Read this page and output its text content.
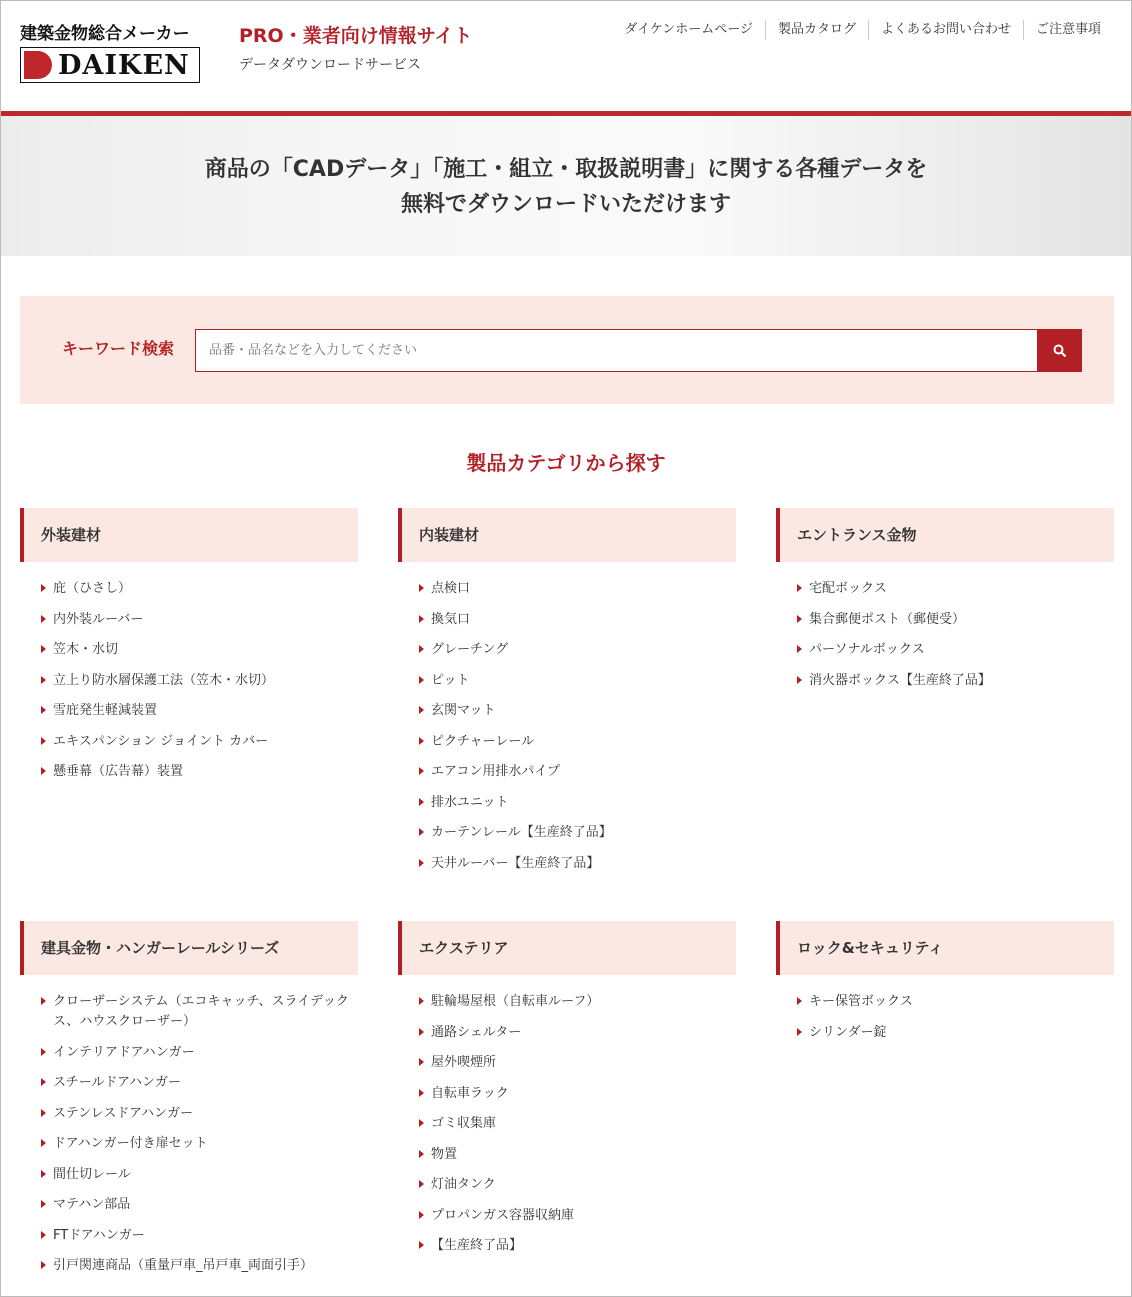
建築金物総合メーカー
DAIKEN
PRO・業者向け情報サイト
データダウンロードサービス
ダイケンホームページ	製品カタログ	よくあるお問い合わせ	ご注意事項

商品の「CADデータ」「施工・組立・取扱説明書」に関する各種データを

無料でダウンロードいただけます

キーワード検索
品番・品名などを入力してください
製品カテゴリから探す
外装建材
庇（ひさし）
内外装ルーバー
笠木・水切
立上り防水層保護工法（笠木・水切）
雪庇発生軽減装置
エキスパンション ジョイント カバー
懸垂幕（広告幕）装置
内装建材
点検口
換気口
グレーチング
ピット
玄関マット
ピクチャーレール
エアコン用排水パイプ
排水ユニット
カーテンレール【生産終了品】
天井ルーバー【生産終了品】
エントランス金物
宅配ボックス
集合郵便ポスト（郵便受）
パーソナルボックス
消火器ボックス【生産終了品】
建具金物・ハンガーレールシリーズ
クローザーシステム（エコキャッチ、スライデックス、ハウスクローザー）
インテリアドアハンガー
スチールドアハンガー
ステンレスドアハンガー
ドアハンガー付き扉セット
間仕切レール
マテハン部品
FTドアハンガー
引戸関連商品（重量戸車_吊戸車_両面引手）
エクステリア
駐輪場屋根（自転車ルーフ）
通路シェルター
屋外喫煙所
自転車ラック
ゴミ収集庫
物置
灯油タンク
プロパンガス容器収納庫
【生産終了品】
ロック&セキュリティ
キー保管ボックス
シリンダー錠
